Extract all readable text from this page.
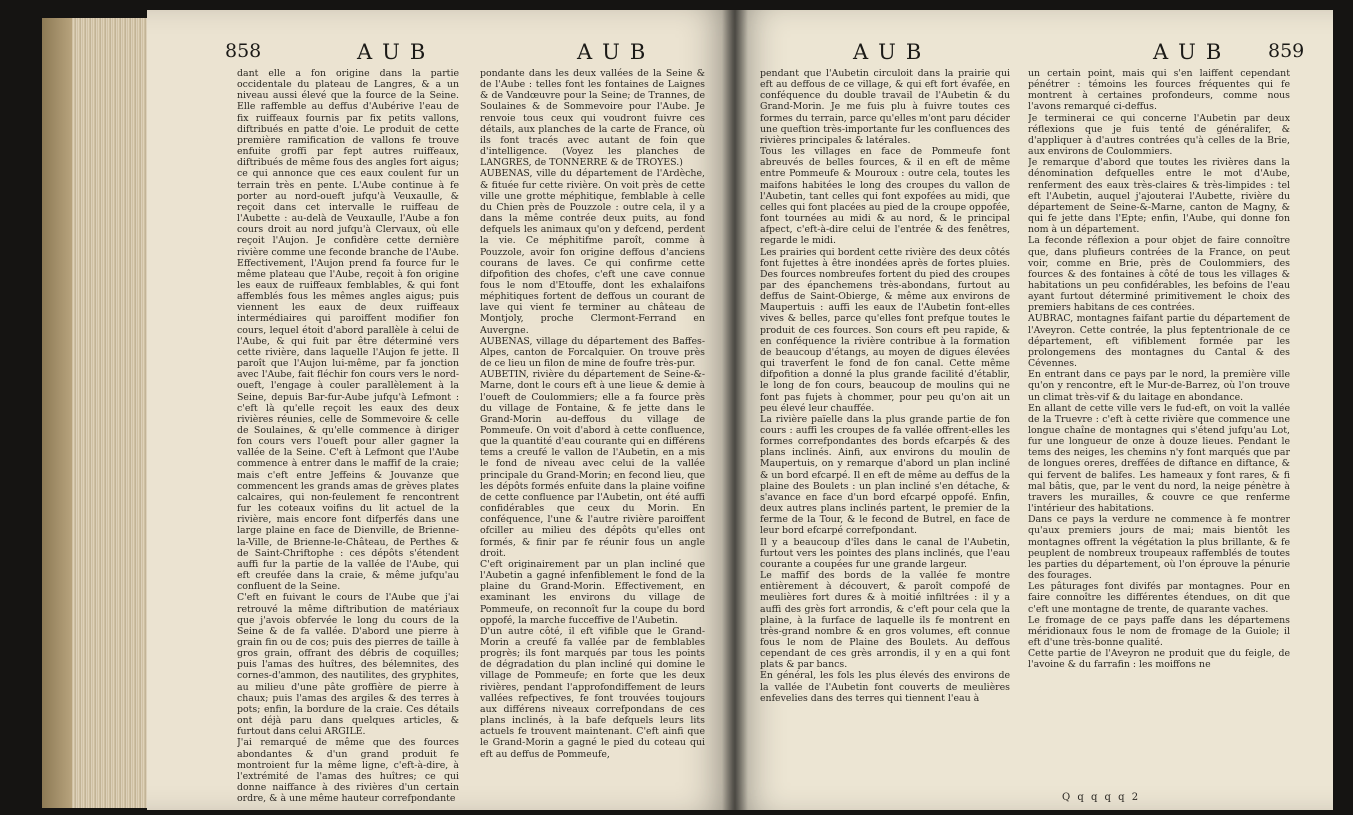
858	AUB	AUB
dant elle a fon origine dans la partie occidentale du plateau de Langres, & a un niveau aussi élevé que la fource de la Seine. Elle raffemble au deffus d'Aubérive l'eau de fix ruiffeaux fournis par fix petits vallons, diftribués en patte d'oie. Le produit de cette première ramification de vallons fe trouve enfuite groffi par fept autres ruiffeaux, diftribués de même fous des angles fort aigus; ce qui annonce que ces eaux coulent fur un terrain très en pente. L'Aube continue à fe porter au nord-oueft jufqu'à Veuxaulle, & reçoit dans cet intervalle le ruiffeau de l'Aubette : au-delà de Veuxaulle, l'Aube a fon cours droit au nord jufqu'à Clervaux, où elle reçoit l'Aujon. Je confidère cette dernière rivière comme une feconde branche de l'Aube. Effectivement, l'Aujon prend fa fource fur le même plateau que l'Aube, reçoit à fon origine les eaux de ruiffeaux femblables, & qui font affemblés fous les mêmes angles aigus; puis viennent les eaux de deux ruiffeaux intermédiaires qui paroiffent modifier fon cours, lequel étoit d'abord parallèle à celui de l'Aube, & qui fuit par être déterminé vers cette rivière, dans laquelle l'Aujon fe jette. Il paroît que l'Aujon lui-même, par fa jonction avec l'Aube, fait fléchir fon cours vers le nord-oueft, l'engage à couler parallèlement à la Seine, depuis Bar-fur-Aube jufqu'à Lefmont : c'eft là qu'elle reçoit les eaux des deux rivières réunies, celle de Sommevoire & celle de Soulaines, & qu'elle commence à diriger fon cours vers l'oueft pour aller gagner la vallée de la Seine. C'eft à Lefmont que l'Aube commence à entrer dans le maffif de la craie; mais c'eft entre Jeffeins & Jouvanze que commencent les grands amas de grèves plates calcaires, qui non-feulement fe rencontrent fur les coteaux voifins du lit actuel de la rivière, mais encore font difperfés dans une large plaine en face de Dienville, de Brienne-la-Ville, de Brienne-le-Château, de Perthes & de Saint-Chriftophe : ces dépôts s'étendent auffi fur la partie de la vallée de l'Aube, qui eft creufée dans la craie, & même jufqu'au confluent de la Seine.
C'eft en fuivant le cours de l'Aube que j'ai retrouvé la même diftribution de matériaux que j'avois obfervée le long du cours de la Seine & de fa vallée. D'abord une pierre à grain fin ou de cos; puis des pierres de taille à gros grain, offrant des débris de coquilles; puis l'amas des huîtres, des bélemnites, des cornes-d'ammon, des nautilites, des gryphites, au milieu d'une pâte groffière de pierre à chaux; puis l'amas des argiles & des terres à pots; enfin, la bordure de la craie. Ces détails ont déjà paru dans quelques articles, & furtout dans celui ARGILE.
J'ai remarqué de même que des fources abondantes & d'un grand produit fe montroient fur la même ligne, c'eft-à-dire, à l'extrémité de l'amas des huîtres; ce qui donne naiffance à des rivières d'un certain ordre, & à une même hauteur correfpondante
pondante dans les deux vallées de la Seine & de l'Aube : telles font les fontaines de Laignes & de Vandœuvre pour la Seine; de Trannes, de Soulaines & de Sommevoire pour l'Aube. Je renvoie tous ceux qui voudront fuivre ces détails, aux planches de la carte de France, où ils font tracés avec autant de foin que d'intelligence. (Voyez les planches de LANGRES, de TONNERRE & de TROYES.)
AUBENAS, ville du département de l'Ardèche, & fituée fur cette rivière. On voit près de cette ville une grotte méphitique, femblable à celle du Chien près de Pouzzole : outre cela, il y a dans la même contrée deux puits, au fond defquels les animaux qu'on y defcend, perdent la vie. Ce méphitifme paroît, comme à Pouzzole, avoir fon origine deffous d'anciens courans de laves. Ce qui confirme cette difpofition des chofes, c'eft une cave connue fous le nom d'Etouffe, dont les exhalaifons méphitiques fortent de deffous un courant de lave qui vient fe terminer au château de Montjoly, proche Clermont-Ferrand en Auvergne.
AUBENAS, village du département des Baffes-Alpes, canton de Forcalquier. On trouve près de ce lieu un filon de mine de foufre très-pur.
AUBETIN, rivière du département de Seine-&-Marne, dont le cours eft à une lieue & demie à l'oueft de Coulommiers; elle a fa fource près du village de Fontaine, & fe jette dans le Grand-Morin au-deffous du village de Pommeufe. On voit d'abord à cette confluence, que la quantité d'eau courante qui en différens tems a creufé le vallon de l'Aubetin, en a mis le fond de niveau avec celui de la vallée principale du Grand-Morin; en fecond lieu, que les dépôts formés enfuite dans la plaine voifine de cette confluence par l'Aubetin, ont été auffi confidérables que ceux du Morin. En conféquence, l'une & l'autre rivière paroiffent ofciller au milieu des dépôts qu'elles ont formés, & finir par fe réunir fous un angle droit.
C'eft originairement par un plan incliné que l'Aubetin a gagné infenfiblement le fond de la plaine du Grand-Morin. Effectivement, en examinant les environs du village de Pommeufe, on reconnoît fur la coupe du bord oppofé, la marche fucceffive de l'Aubetin.
D'un autre côté, il eft vifible que le Grand-Morin a creufé fa vallée par de femblables progrès; ils font marqués par tous les points de dégradation du plan incliné qui domine le village de Pommeufe; en forte que les deux rivières, pendant l'approfondiffement de leurs vallées refpectives, fe font trouvées toujours aux différens niveaux correfpondans de ces plans inclinés, à la bafe defquels leurs lits actuels fe trouvent maintenant. C'eft ainfi que le Grand-Morin a gagné le pied du coteau qui eft au deffus de Pommeufe,
AUB	AUB 859
pendant que l'Aubetin circuloit dans la prairie qui eft au deffous de ce village, & qui eft fort évafée, en conféquence du double travail de l'Aubetin & du Grand-Morin. Je me fuis plu à fuivre toutes ces formes du terrain, parce qu'elles m'ont paru décider une queftion très-importante fur les confluences des rivières principales & latérales.
Tous les villages en face de Pommeufe font abreuvés de belles fources, & il en eft de même entre Pommeufe & Mouroux : outre cela, toutes les maifons habitées le long des croupes du vallon de l'Aubetin, tant celles qui font expofées au midi, que celles qui font placées au pied de la croupe oppofée, font tournées au midi & au nord, & le principal afpect, c'eft-à-dire celui de l'entrée & des fenêtres, regarde le midi.
Les prairies qui bordent cette rivière des deux côtés font fujettes à être inondées après de fortes pluies. Des fources nombreufes fortent du pied des croupes par des épanchemens très-abondans, furtout au deffus de Saint-Obierge, & même aux environs de Maupertuis : auffi les eaux de l'Aubetin font-elles vives & belles, parce qu'elles font prefque toutes le produit de ces fources. Son cours eft peu rapide, & en conféquence la rivière contribue à la formation de beaucoup d'étangs, au moyen de digues élevées qui traverfent le fond de fon canal. Cette même difpofition a donné la plus grande facilité d'établir, le long de fon cours, beaucoup de moulins qui ne font pas fujets à chommer, pour peu qu'on ait un peu élevé leur chauffée.
La rivière païelle dans la plus grande partie de fon cours : auffi les croupes de fa vallée offrent-elles les formes correfpondantes des bords efcarpés & des plans inclinés. Ainfi, aux environs du moulin de Maupertuis, on y remarque d'abord un plan incliné & un bord efcarpé. Il en eft de même au deffus de la plaine des Boulets : un plan incliné s'en détache, & s'avance en face d'un bord efcarpé oppofé. Enfin, deux autres plans inclinés partent, le premier de la ferme de la Tour, & le fecond de Butrel, en face de leur bord efcarpé correfpondant.
Il y a beaucoup d'îles dans le canal de l'Aubetin, furtout vers les pointes des plans inclinés, que l'eau courante a coupées fur une grande largeur.
Le maffif des bords de la vallée fe montre entièrement à découvert, & paroît compofé de meulières fort dures & à moitié infiltrées : il y a auffi des grès fort arrondis, & c'eft pour cela que la plaine, à la furface de laquelle ils fe montrent en très-grand nombre & en gros volumes, eft connue fous le nom de Plaine des Boulets. Au deffous cependant de ces grès arrondis, il y en a qui font plats & par bancs.
En général, les fols les plus élevés des environs de la vallée de l'Aubetin font couverts de meulières enfevelies dans des terres qui tiennent l'eau à
un certain point, mais qui s'en laiffent cependant pénétrer : témoins les fources fréquentes qui fe montrent à certaines profondeurs, comme nous l'avons remarqué ci-deffus.
Je terminerai ce qui concerne l'Aubetin par deux réflexions que je fuis tenté de généralifer, & d'appliquer à d'autres contrées qu'à celles de la Brie, aux environs de Coulommiers.
Je remarque d'abord que toutes les rivières dans la dénomination defquelles entre le mot d'Aube, renferment des eaux très-claires & très-limpides : tel eft l'Aubetin, auquel j'ajouterai l'Aubette, rivière du département de Seine-&-Marne, canton de Magny, & qui fe jette dans l'Epte; enfin, l'Aube, qui donne fon nom à un département.
La feconde réflexion a pour objet de faire connoître que, dans plufieurs contrées de la France, on peut voir, comme en Brie, près de Coulommiers, des fources & des fontaines à côté de tous les villages & habitations un peu confidérables, les befoins de l'eau ayant furtout déterminé primitivement le choix des premiers habitans de ces contrées.
AUBRAC, montagnes faifant partie du département de l'Aveyron. Cette contrée, la plus feptentrionale de ce département, eft vifiblement formée par les prolongemens des montagnes du Cantal & des Cévennes.
En entrant dans ce pays par le nord, la première ville qu'on y rencontre, eft le Mur-de-Barrez, où l'on trouve un climat très-vif & du laitage en abondance.
En allant de cette ville vers le fud-eft, on voit la vallée de la Truevre : c'eft à cette rivière que commence une longue chaîne de montagnes qui s'étend jufqu'au Lot, fur une longueur de onze à douze lieues. Pendant le tems des neiges, les chemins n'y font marqués que par de longues oreres, dreffées de diftance en diftance, & qui fervent de balifes. Les hameaux y font rares, & fi mal bâtis, que, par le vent du nord, la neige pénètre à travers les murailles, & couvre ce que renferme l'intérieur des habitations.
Dans ce pays la verdure ne commence à fe montrer qu'aux premiers jours de mai; mais bientôt les montagnes offrent la végétation la plus brillante, & fe peuplent de nombreux troupeaux raffemblés de toutes les parties du département, où l'on éprouve la pénurie des fourages.
Les pâturages font divifés par montagnes. Pour en faire connoître les différentes étendues, on dit que c'eft une montagne de trente, de quarante vaches.
Le fromage de ce pays paffe dans les départemens méridionaux fous le nom de fromage de la Guiole; il eft d'une très-bonne qualité.
Cette partie de l'Aveyron ne produit que du feigle, de l'avoine & du farrafin : les moiffons ne
Q q q q q 2
